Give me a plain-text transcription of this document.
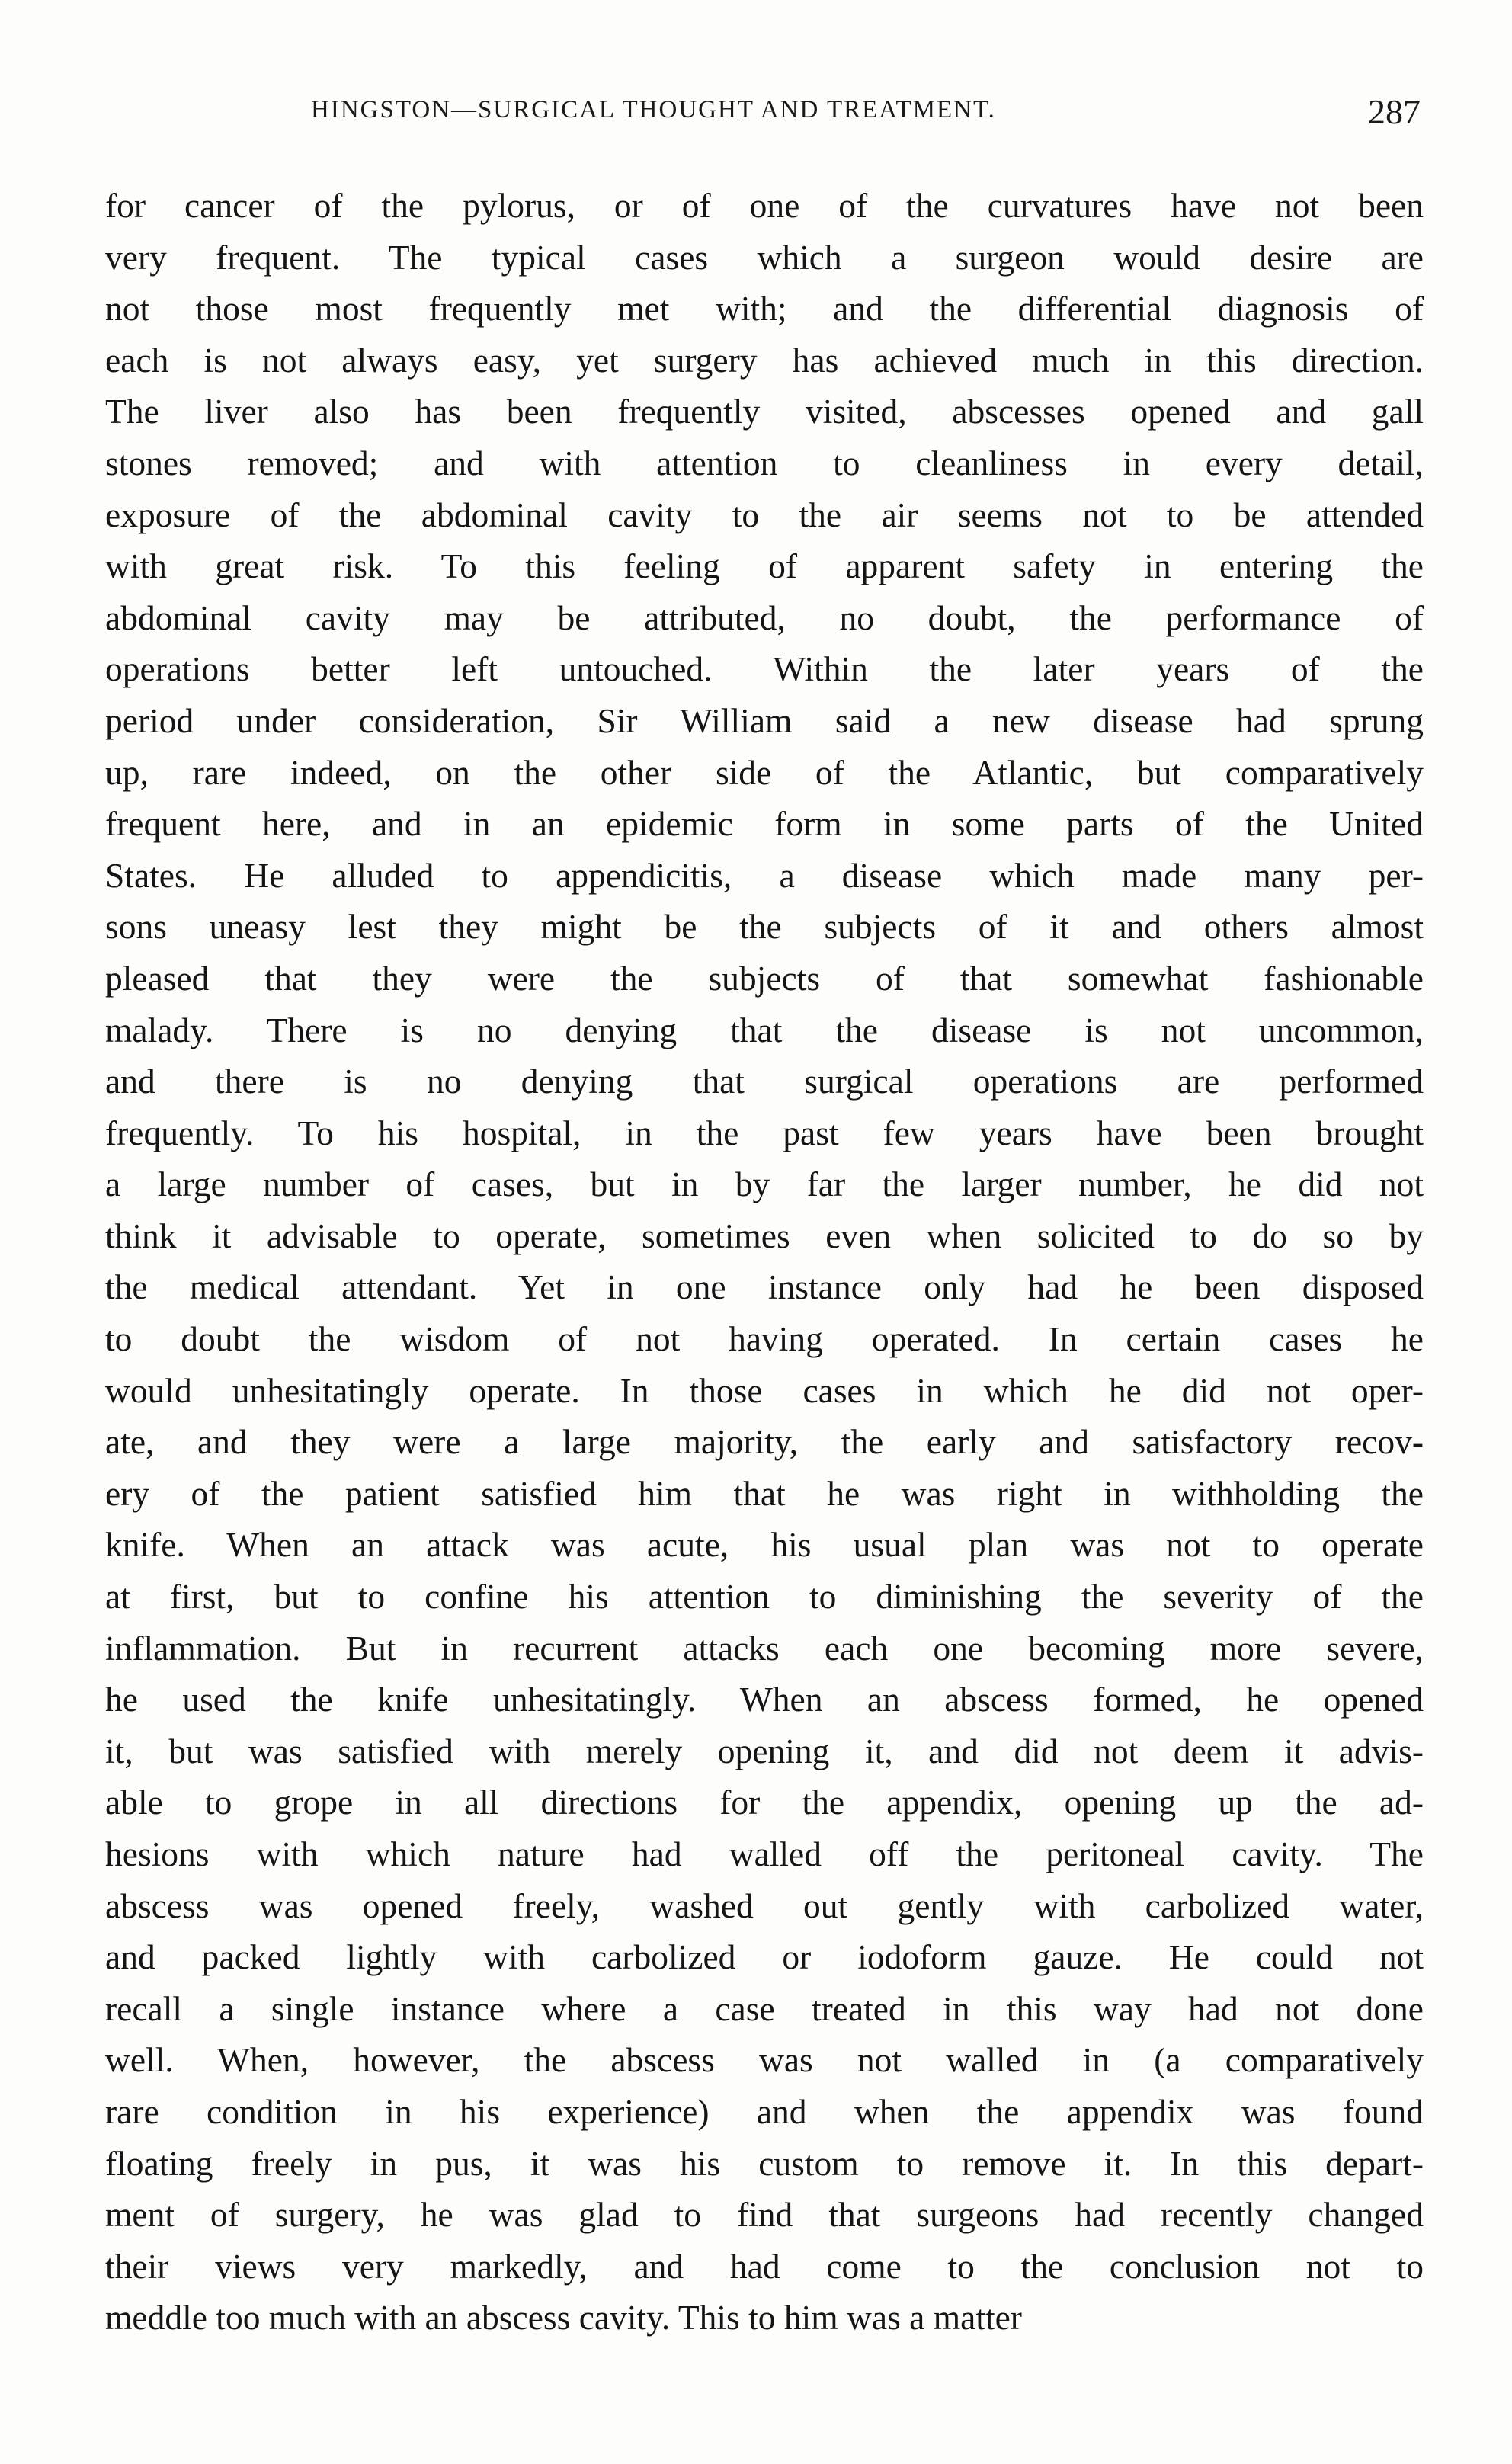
HINGSTON—SURGICAL THOUGHT AND TREATMENT.	287
for cancer of the pylorus, or of one of the curvatures have not been
very frequent. The typical cases which a surgeon would desire are
not those most frequently met with; and the differential diagnosis of
each is not always easy, yet surgery has achieved much in this direction.
The liver also has been frequently visited, abscesses opened and gall
stones removed; and with attention to cleanliness in every detail,
exposure of the abdominal cavity to the air seems not to be attended
with great risk. To this feeling of apparent safety in entering the
abdominal cavity may be attributed, no doubt, the performance of
operations better left untouched. Within the later years of the
period under consideration, Sir William said a new disease had sprung
up, rare indeed, on the other side of the Atlantic, but comparatively
frequent here, and in an epidemic form in some parts of the United
States. He alluded to appendicitis, a disease which made many per-
sons uneasy lest they might be the subjects of it and others almost
pleased that they were the subjects of that somewhat fashionable
malady. There is no denying that the disease is not uncommon,
and there is no denying that surgical operations are performed
frequently. To his hospital, in the past few years have been brought
a large number of cases, but in by far the larger number, he did not
think it advisable to operate, sometimes even when solicited to do so by
the medical attendant. Yet in one instance only had he been disposed
to doubt the wisdom of not having operated. In certain cases he
would unhesitatingly operate. In those cases in which he did not oper-
ate, and they were a large majority, the early and satisfactory recov-
ery of the patient satisfied him that he was right in withholding the
knife. When an attack was acute, his usual plan was not to operate
at first, but to confine his attention to diminishing the severity of the
inflammation. But in recurrent attacks each one becoming more severe,
he used the knife unhesitatingly. When an abscess formed, he opened
it, but was satisfied with merely opening it, and did not deem it advis-
able to grope in all directions for the appendix, opening up the ad-
hesions with which nature had walled off the peritoneal cavity. The
abscess was opened freely, washed out gently with carbolized water,
and packed lightly with carbolized or iodoform gauze. He could not
recall a single instance where a case treated in this way had not done
well. When, however, the abscess was not walled in (a comparatively
rare condition in his experience) and when the appendix was found
floating freely in pus, it was his custom to remove it. In this depart-
ment of surgery, he was glad to find that surgeons had recently changed
their views very markedly, and had come to the conclusion not to
meddle too much with an abscess cavity. This to him was a matter
